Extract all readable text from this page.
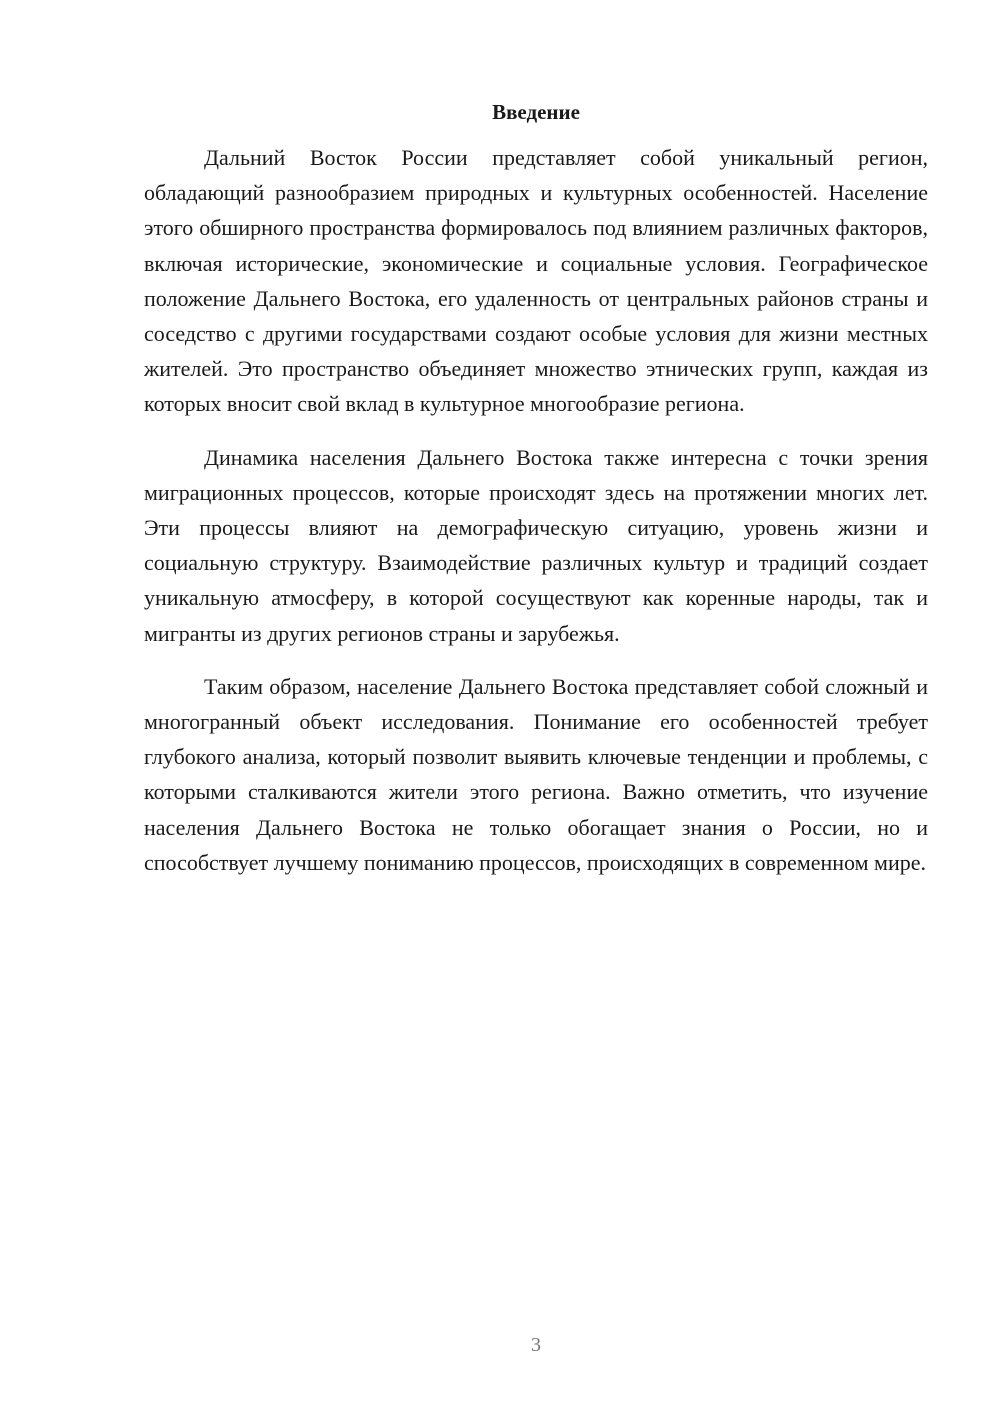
Введение

Дальний Восток России представляет собой уникальный регион, обладающий разнообразием природных и культурных особенностей. Население этого обширного пространства формировалось под влиянием различных факторов, включая исторические, экономические и социальные условия. Географическое положение Дальнего Востока, его удаленность от центральных районов страны и соседство с другими государствами создают особые условия для жизни местных жителей. Это пространство объединяет множество этнических групп, каждая из которых вносит свой вклад в культурное многообразие региона.

Динамика населения Дальнего Востока также интересна с точки зрения миграционных процессов, которые происходят здесь на протяжении многих лет. Эти процессы влияют на демографическую ситуацию, уровень жизни и социальную структуру. Взаимодействие различных культур и традиций создает уникальную атмосферу, в которой сосуществуют как коренные народы, так и мигранты из других регионов страны и зарубежья.

Таким образом, население Дальнего Востока представляет собой сложный и многогранный объект исследования. Понимание его особенностей требует глубокого анализа, который позволит выявить ключевые тенденции и проблемы, с которыми сталкиваются жители этого региона. Важно отметить, что изучение населения Дальнего Востока не только обогащает знания о России, но и способствует лучшему пониманию процессов, происходящих в современном мире.

3
